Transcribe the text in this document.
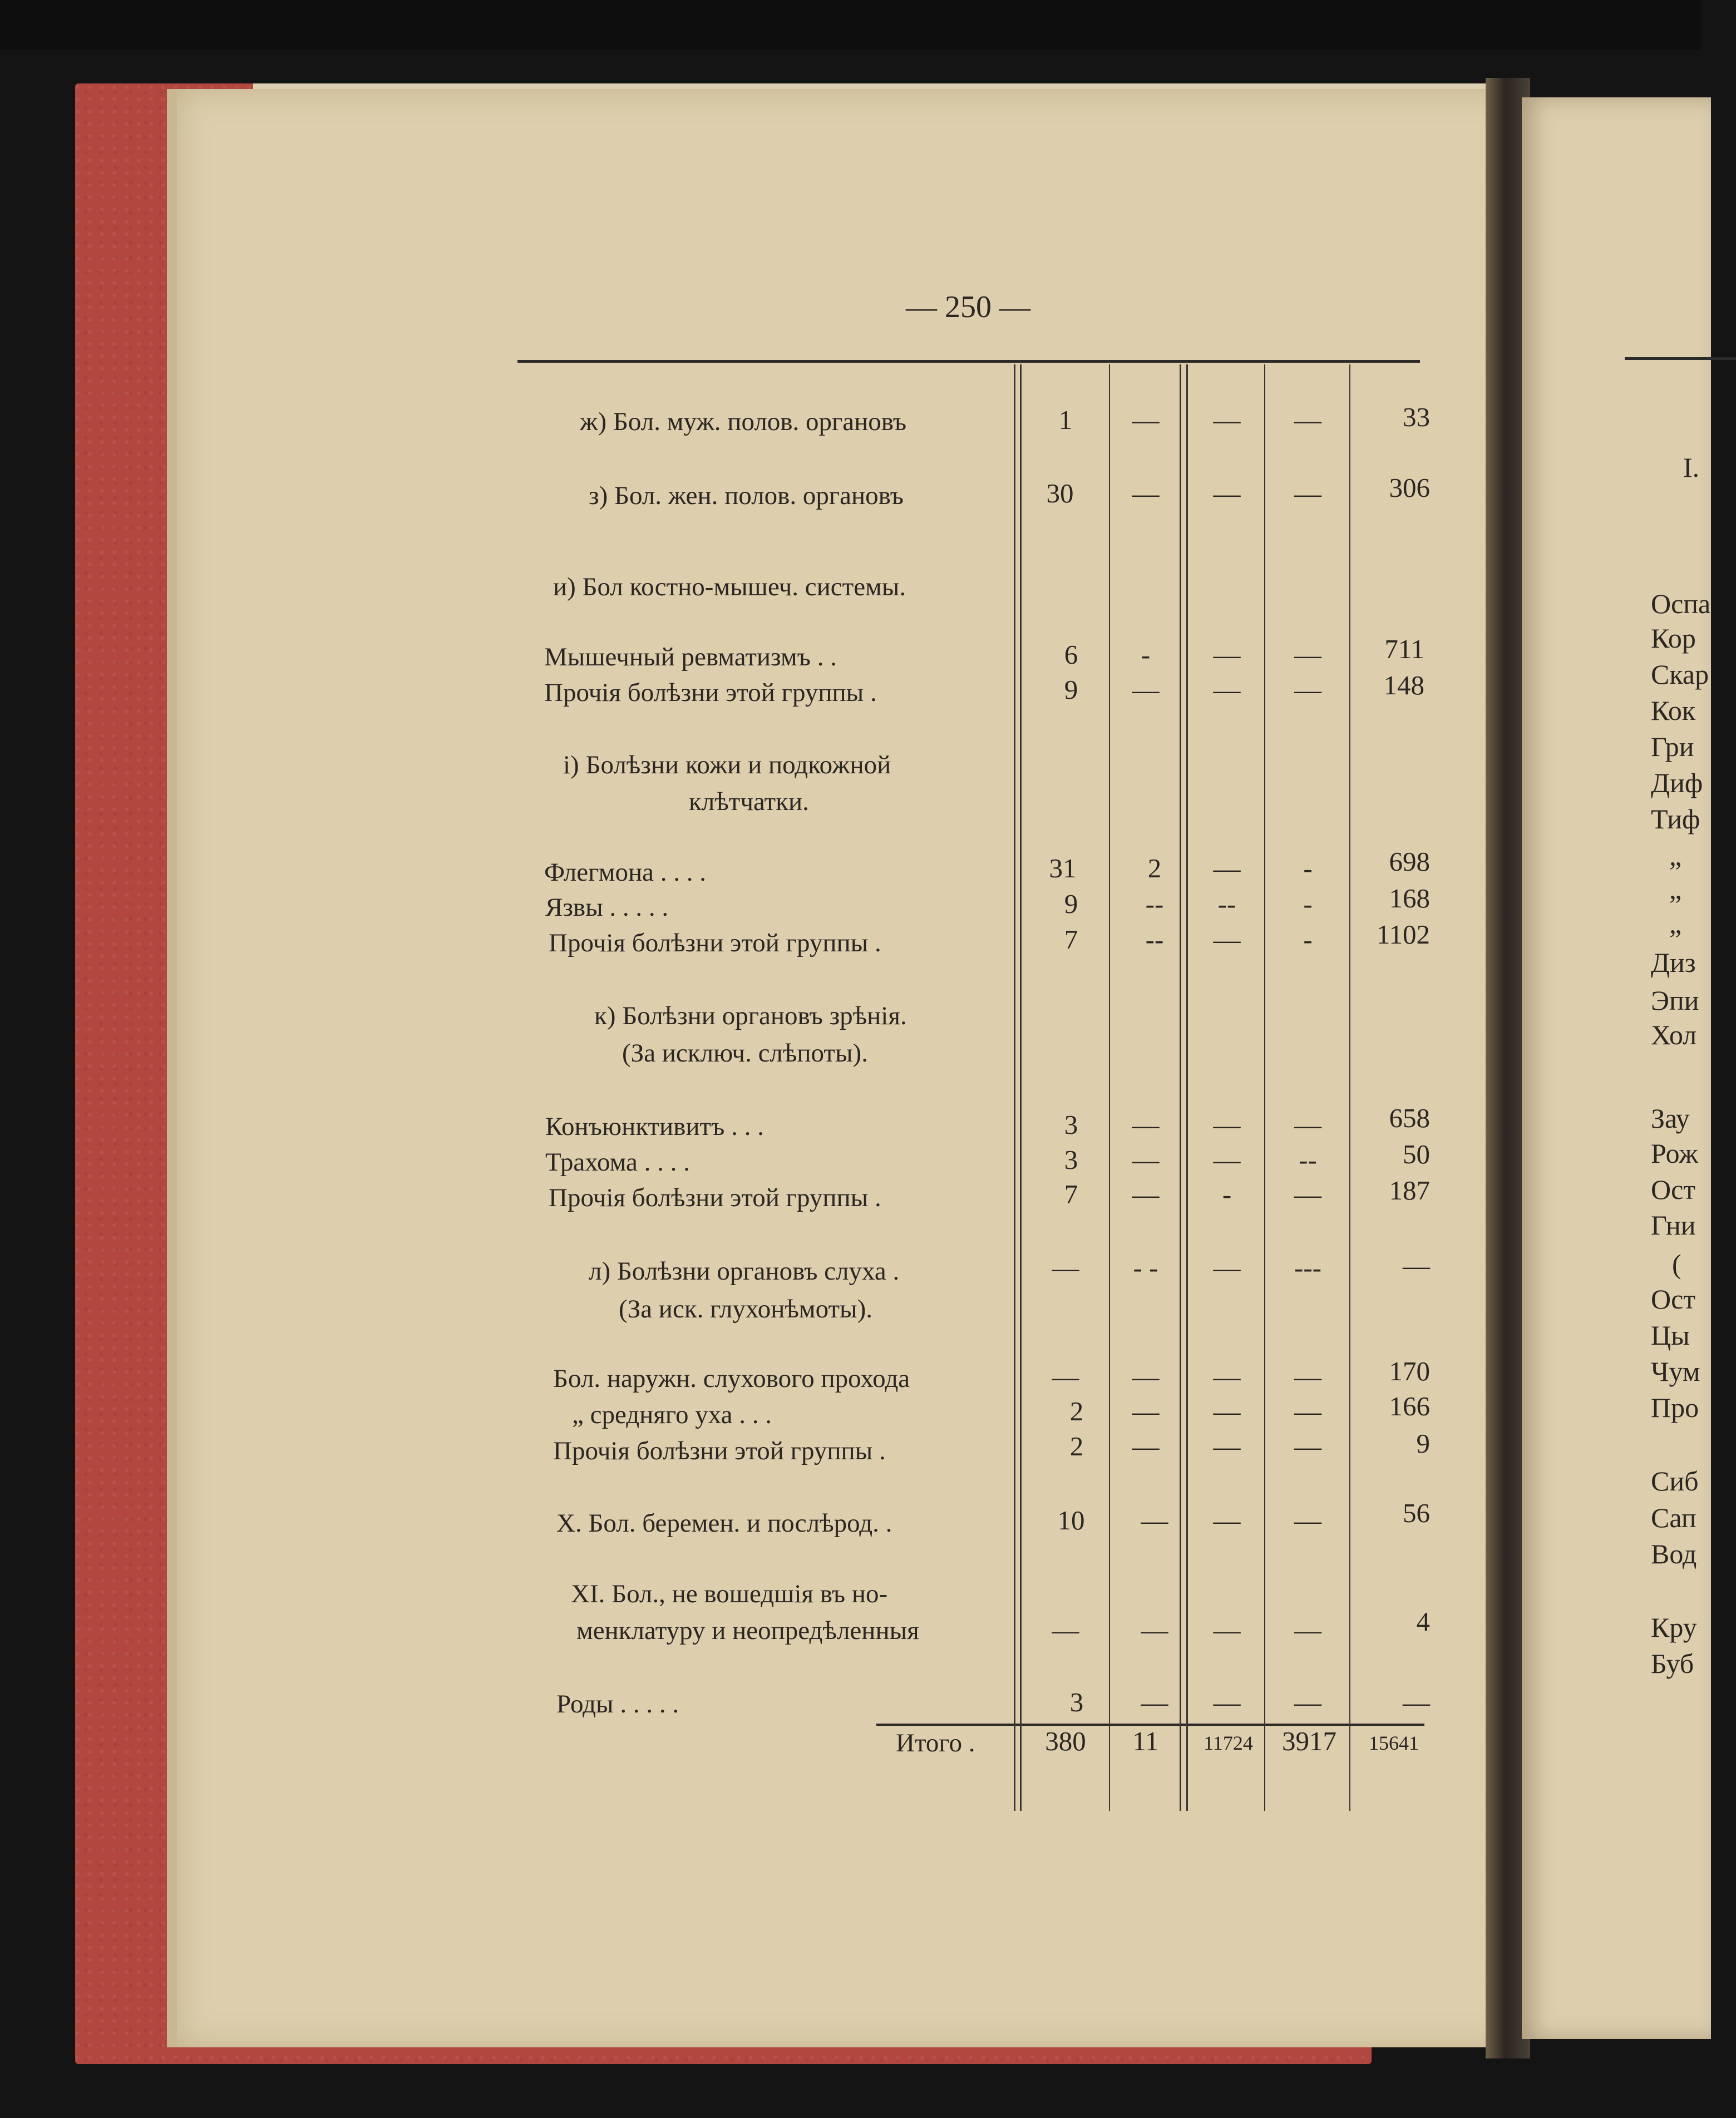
I.
Оспа
Кор
Скар
Кок
Гри
Диф
Тиф
„
„
„
Диз
Эпи
Хол
Зау
Рож
Ост
Гни
(
Ост
Цы
Чум
Про
Сиб
Сап
Вод
Кру
Буб
— 250 —
ж) Бол. муж. полов. органовъ	1	—	—	—	33
з) Бол. жен. полов. органовъ	30	—	—	—	306
и) Бол костно-мышеч. системы.
Мышечный ревматизмъ . .	6	-	—	—	711
Прочія болѣзни этой группы .	9	—	—	—	148
і) Болѣзни кожи и подкожной
клѣтчатки.
Флегмона . . . .	31	2	—	-	698
Язвы . . . . .	9	--	--	-	168
Прочія болѣзни этой группы .	7	--	—	-	1102
к) Болѣзни органовъ зрѣнія.
(За исключ. слѣпоты).
Конъюнктивитъ . . .	3	—	—	—	658
Трахома . . . .	3	—	—	--	50
Прочія болѣзни этой группы .	7	—	-	—	187
л) Болѣзни органовъ слуха .	—	- -	—	---	—
(За иск. глухонѣмоты).
Бол. наружн. слухового прохода	—	—	—	—	170
„ средняго уха . . .	2	—	—	—	166
Прочія болѣзни этой группы .	2	—	—	—	9
X. Бол. беремен. и послѣрод. .	10	—	—	—	56
XI. Бол., не вошедшія въ но-
менклатуру и неопредѣленныя	—	—	—	—	4
Роды . . . . .	3	—	—	—	—
Итого .	380	11	11724	3917	15641
